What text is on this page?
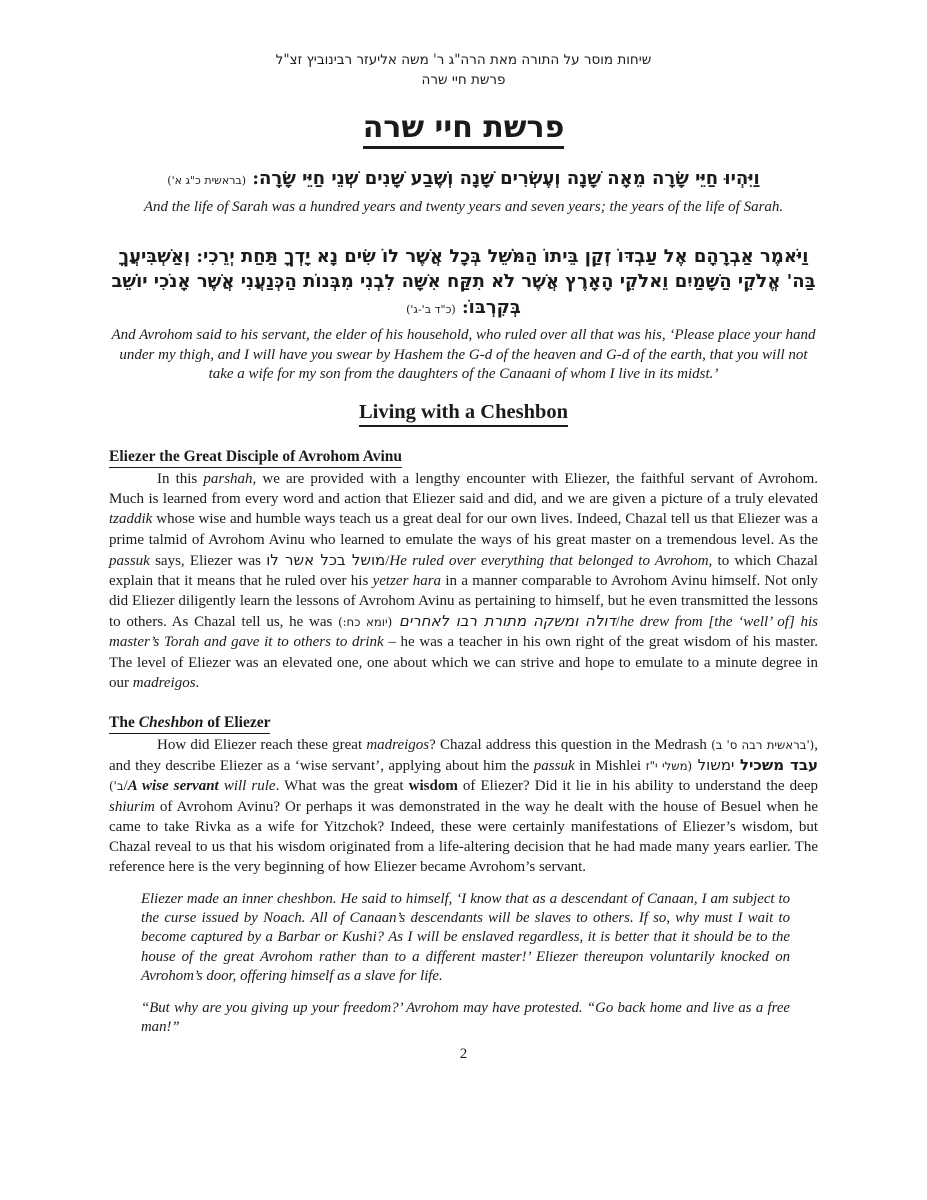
שיחות מוסר על התורה מאת הרה"ג ר' משה אליעזר רבינוביץ זצ"ל
פרשת חיי שרה
פרשת חיי שרה
וַיִּהְיוּ חַיֵּי שָׂרָה מֵאָה שָׁנָה וְעֶשְׂרִים שָׁנָה וְשֶׁבַע שָׁנִים שְׁנֵי חַיֵּי שָׂרָה: (בראשית כ"ג א')
And the life of Sarah was a hundred years and twenty years and seven years; the years of the life of Sarah.
וַיֹּאמֶר אַבְרָהָם אֶל עַבְדּוֹ זְקַן בֵּיתוֹ הַמֹּשֵׁל בְּכָל אֲשֶׁר לוֹ שִׂים נָא יָדְךָ תַּחַת יְרֵכִי: וְאַשְׁבִּיעֲךָ בַּה' אֱלֹקֵי הַשָּׁמַיִם וֵאלֹקֵי הָאָרֶץ אֲשֶׁר לֹא תִקַּח אִשָּׁה לִבְנִי מִבְּנוֹת הַכְּנַעֲנִי אֲשֶׁר אָנֹכִי יוֹשֵׁב בְּקִרְבּוֹ: (כ"ד ב'-ג')
And Avrohom said to his servant, the elder of his household, who ruled over all that was his, ‘Please place your hand under my thigh, and I will have you swear by Hashem the G-d of the heaven and G-d of the earth, that you will not take a wife for my son from the daughters of the Canaani of whom I live in its midst.’
Living with a Cheshbon
Eliezer the Great Disciple of Avrohom Avinu

In this parshah, we are provided with a lengthy encounter with Eliezer, the faithful servant of Avrohom. Much is learned from every word and action that Eliezer said and did, and we are given a picture of a truly elevated tzaddik whose wise and humble ways teach us a great deal for our own lives. Indeed, Chazal tell us that Eliezer was a prime talmid of Avrohom Avinu who learned to emulate the ways of his great master on a tremendous level. As the passuk says, Eliezer was מושל בכל אשר לו/He ruled over everything that belonged to Avrohom, to which Chazal explain that it means that he ruled over his yetzer hara in a manner comparable to Avrohom Avinu himself. Not only did Eliezer diligently learn the lessons of Avrohom Avinu as pertaining to himself, but he even transmitted the lessons to others. As Chazal tell us, he was	דולה ומשקה מתורת רבו לאחרים (יומא כח:)	/he drew from [the ‘well’ of] his master’s Torah and gave it to others to drink – he was a teacher in his own right of the great wisdom of his master. The level of Eliezer was an elevated one, one about which we can strive and hope to emulate to a minute degree in our madreigos.

The Cheshbon of Eliezer

How did Eliezer reach these great madreigos? Chazal address this question in the Medrash (בראשית רבה ס' ב'), and they describe Eliezer as a ‘wise servant’, applying about him the passuk in Mishlei	עבד משכיל ימשול (משלי י"ז ב')/A wise servant will rule. What was the great wisdom of Eliezer? Did it lie in his ability to understand the deep shiurim of Avrohom Avinu? Or perhaps it was demonstrated in the way he dealt with the house of Besuel when he came to take Rivka as a wife for Yitzchok? Indeed, these were certainly manifestations of Eliezer’s wisdom, but Chazal reveal to us that his wisdom originated from a life-altering decision that he had made many years earlier. The reference here is the very beginning of how Eliezer became Avrohom’s servant.

Eliezer made an inner cheshbon. He said to himself, ‘I know that as a descendant of Canaan, I am subject to the curse issued by Noach. All of Canaan’s descendants will be slaves to others. If so, why must I wait to become captured by a Barbar or Kushi? As I will be enslaved regardless, it is better that it should be to the house of the great Avrohom rather than to a different master!’ Eliezer thereupon voluntarily knocked on Avrohom’s door, offering himself as a slave for life.
“But why are you giving up your freedom?’ Avrohom may have protested. “Go back home and live as a free man!”
2
